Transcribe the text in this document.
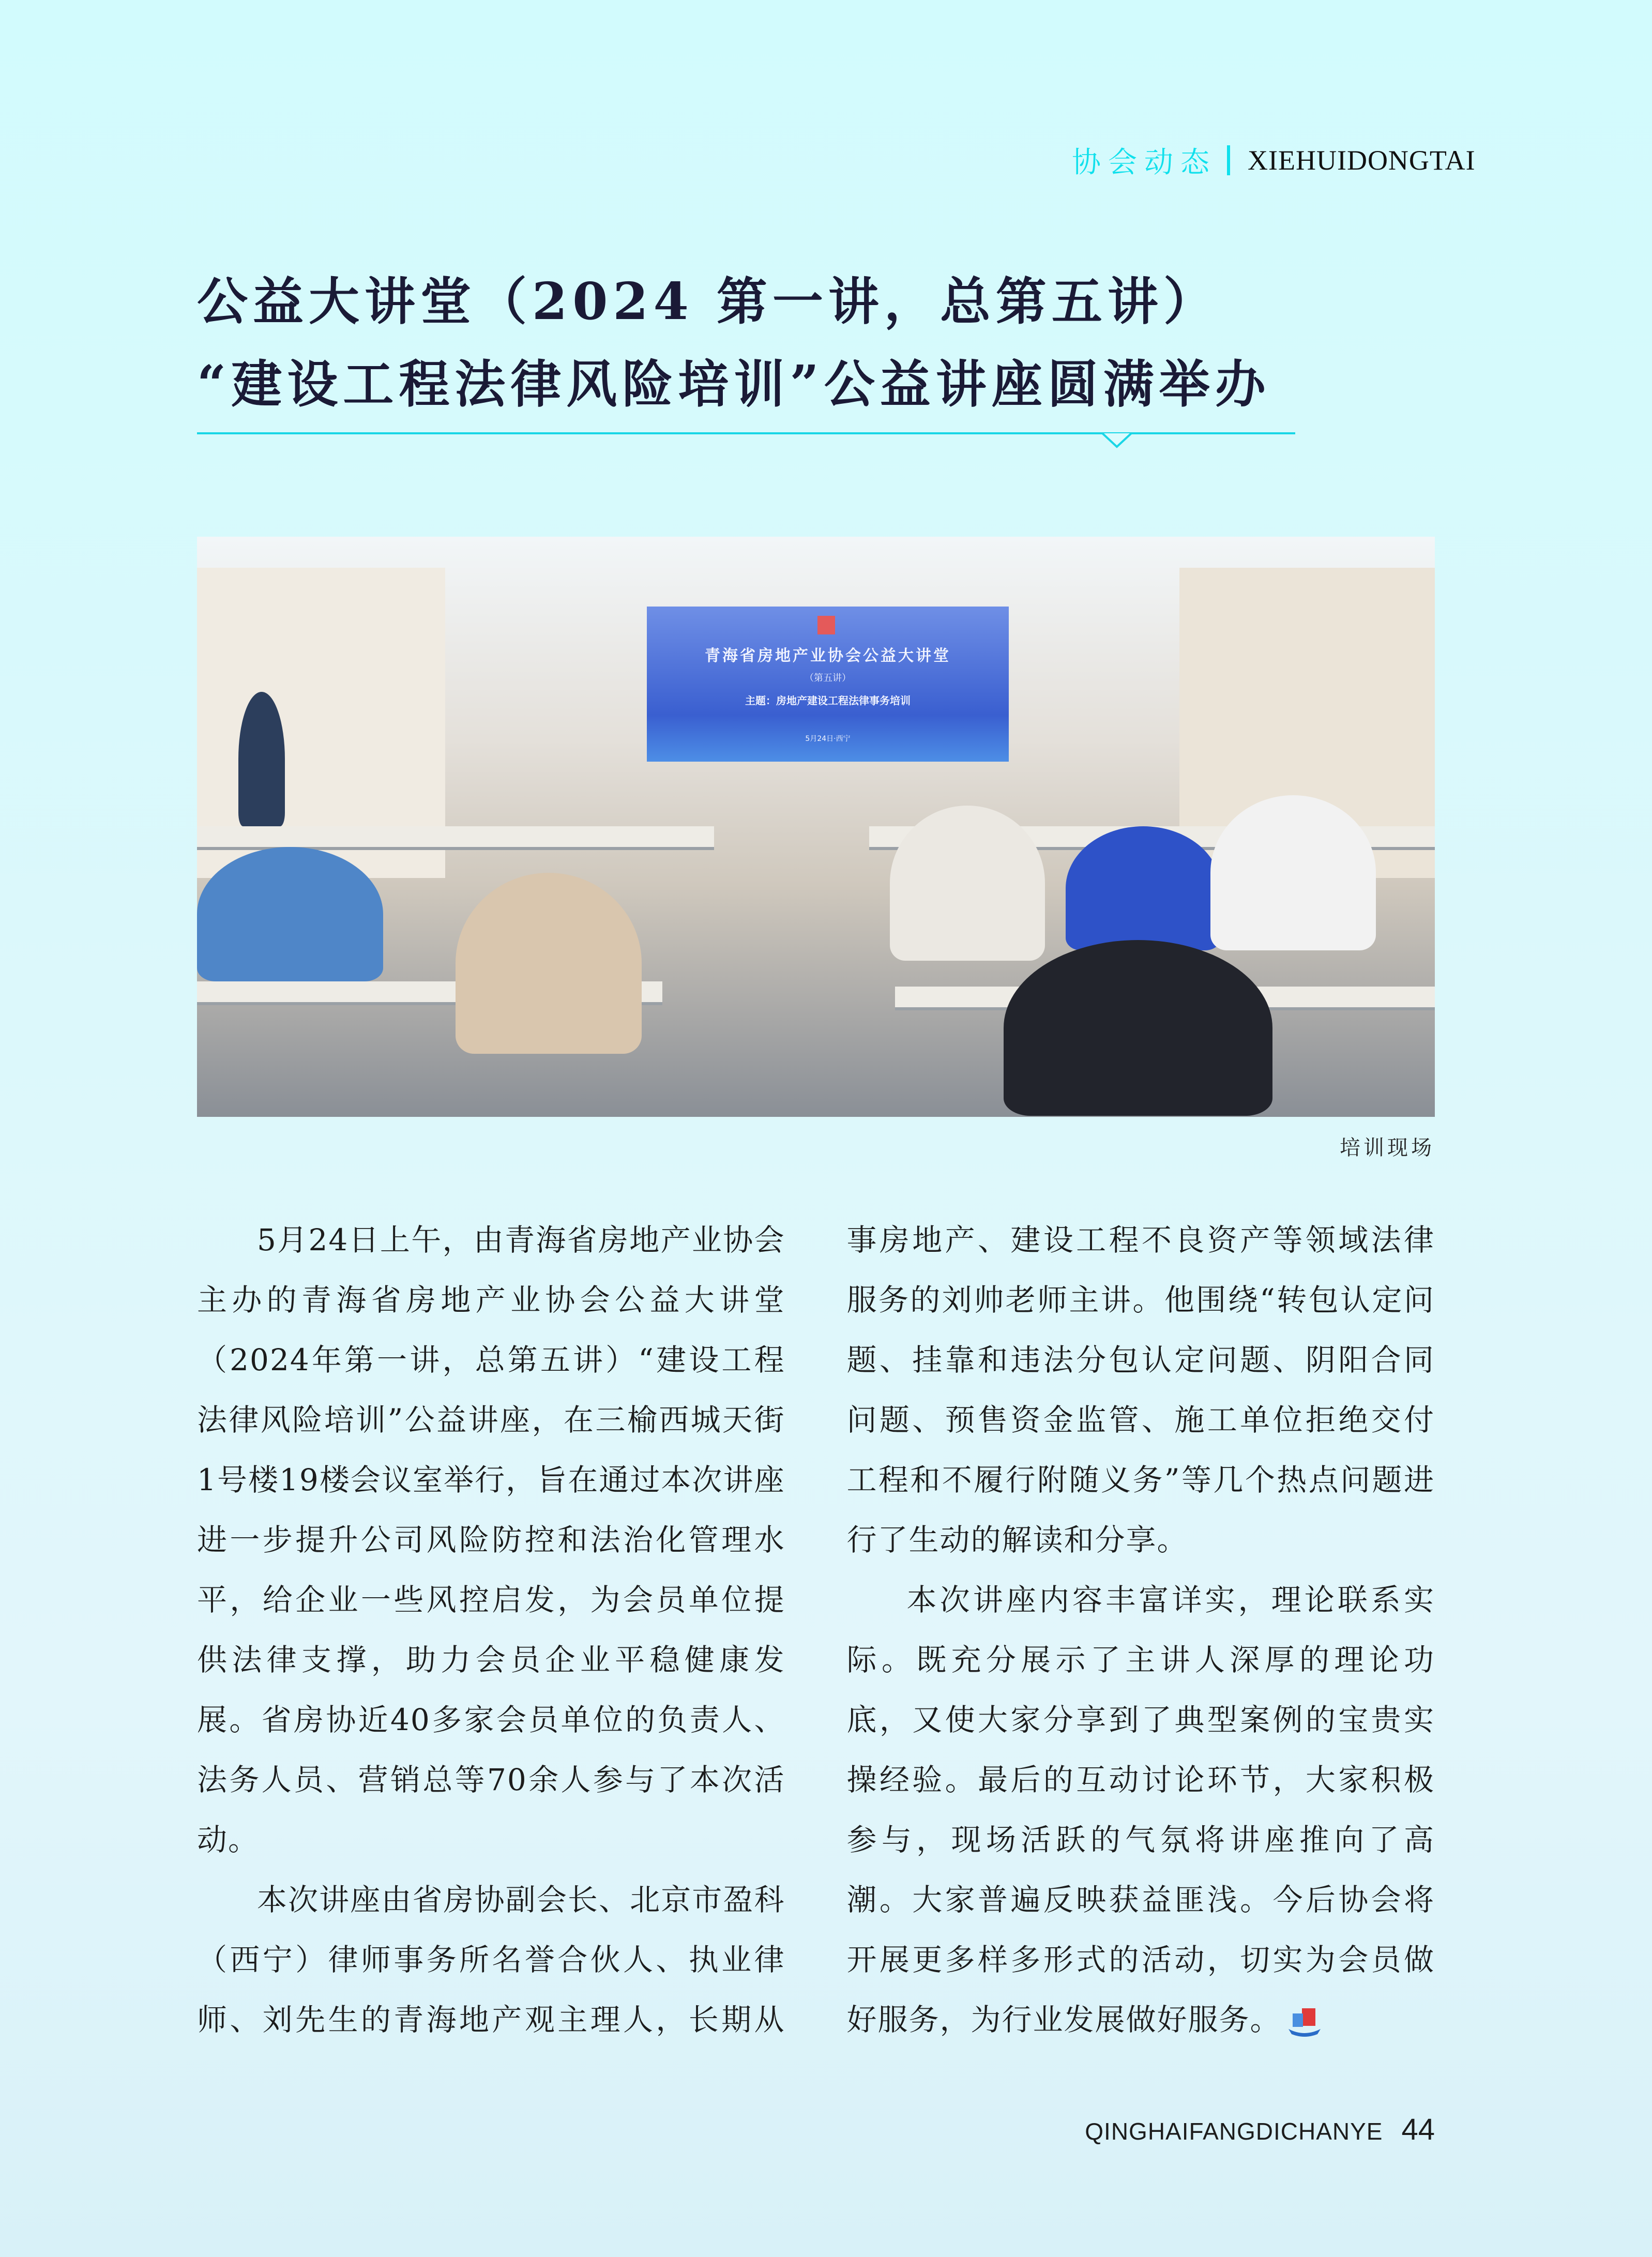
协会动态 XIEHUIDONGTAI
公益大讲堂（2024 第一讲，总第五讲）
“建设工程法律风险培训”公益讲座圆满举办
青海省房地产业协会公益大讲堂
（第五讲）
主题：房地产建设工程法律事务培训
5月24日·西宁
培训现场

5月24日上午，由青海省房地产业协会主办的青海省房地产业协会公益大讲堂（2024年第一讲，总第五讲）“建设工程法律风险培训”公益讲座，在三榆西城天街1号楼19楼会议室举行，旨在通过本次讲座进一步提升公司风险防控和法治化管理水平，给企业一些风控启发，为会员单位提供法律支撑，助力会员企业平稳健康发展。省房协近40多家会员单位的负责人、法务人员、营销总等70余人参与了本次活动。

本次讲座由省房协副会长、北京市盈科（西宁）律师事务所名誉合伙人、执业律师、刘先生的青海地产观主理人，长期从事房地产、建设工程不良资产等领域法律服务的刘帅老师主讲。他围绕“转包认定问题、挂靠和违法分包认定问题、阴阳合同问题、预售资金监管、施工单位拒绝交付工程和不履行附随义务”等几个热点问题进行了生动的解读和分享。

本次讲座内容丰富详实，理论联系实际。既充分展示了主讲人深厚的理论功底，又使大家分享到了典型案例的宝贵实操经验。最后的互动讨论环节，大家积极参与，现场活跃的气氛将讲座推向了高潮。大家普遍反映获益匪浅。今后协会将开展更多样多形式的活动，切实为会员做好服务，为行业发展做好服务。

QINGHAIFANGDICHANYE 44
